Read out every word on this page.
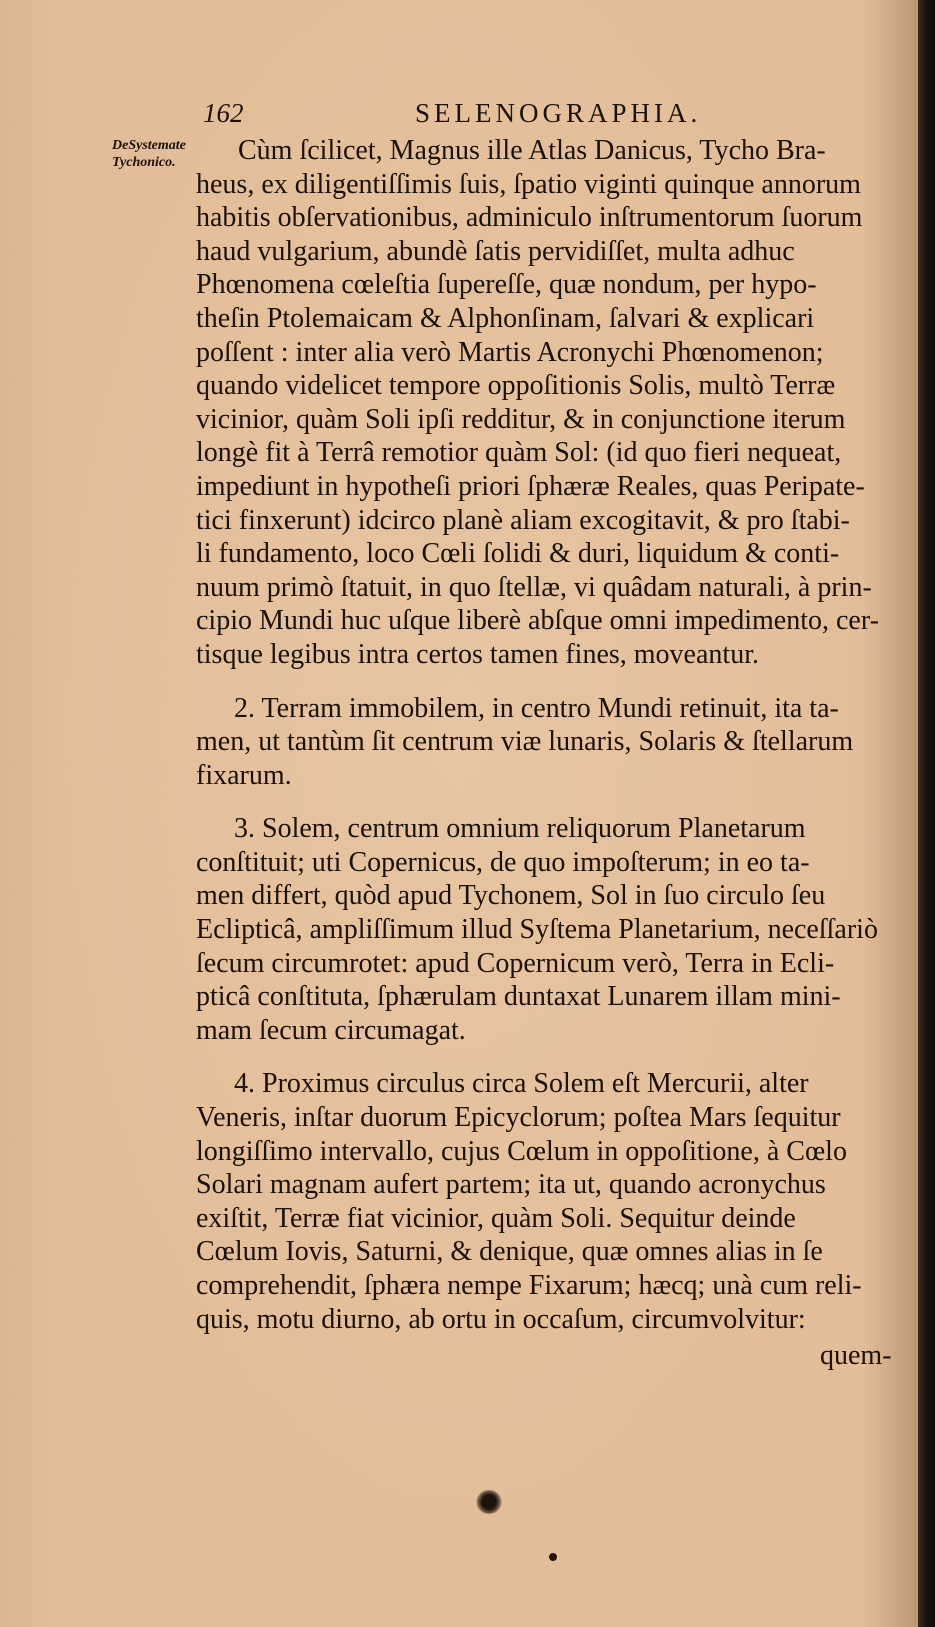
162	SELENOGRAPHIA.
DeSystemate
Tychonico.	Cùm ſcilicet, Magnus ille Atlas Danicus, Tycho Bra-
heus, ex diligentiſſimis ſuis, ſpatio viginti quinque annorum
habitis obſervationibus, adminiculo inſtrumentorum ſuorum
haud vulgarium, abundè ſatis pervidiſſet, multa adhuc
Phœnomena cœleſtia ſupereſſe, quæ nondum, per hypo-
theſin Ptolemaicam & Alphonſinam, ſalvari & explicari
poſſent : inter alia verò Martis Acronychi Phœnomenon;
quando videlicet tempore oppoſitionis Solis, multò Terræ
vicinior, quàm Soli ipſi redditur, & in conjunctione iterum
longè fit à Terrâ remotior quàm Sol: (id quo fieri nequeat,
impediunt in hypotheſi priori ſphæræ Reales, quas Peripate-
tici finxerunt) idcirco planè aliam excogitavit, & pro ſtabi-
li fundamento, loco Cœli ſolidi & duri, liquidum & conti-
nuum primò ſtatuit, in quo ſtellæ, vi quâdam naturali, à prin-
cipio Mundi huc uſque liberè abſque omni impedimento, cer-
tisque legibus intra certos tamen fines, moveantur.
2. Terram immobilem, in centro Mundi retinuit, ita ta-
men, ut tantùm ſit centrum viæ lunaris, Solaris & ſtellarum
fixarum.
3. Solem, centrum omnium reliquorum Planetarum
conſtituit; uti Copernicus, de quo impoſterum; in eo ta-
men differt, quòd apud Tychonem, Sol in ſuo circulo ſeu
Eclipticâ, ampliſſimum illud Syſtema Planetarium, neceſſariò
ſecum circumrotet: apud Copernicum verò, Terra in Ecli-
pticâ conſtituta, ſphærulam duntaxat Lunarem illam mini-
mam ſecum circumagat.
4. Proximus circulus circa Solem eſt Mercurii, alter
Veneris, inſtar duorum Epicyclorum; poſtea Mars ſequitur
longiſſimo intervallo, cujus Cœlum in oppoſitione, à Cœlo
Solari magnam aufert partem; ita ut, quando acronychus
exiſtit, Terræ fiat vicinior, quàm Soli. Sequitur deinde
Cœlum Iovis, Saturni, & denique, quæ omnes alias in ſe
comprehendit, ſphæra nempe Fixarum; hæcq; unà cum reli-
quis, motu diurno, ab ortu in occaſum, circumvolvitur:
quem-
